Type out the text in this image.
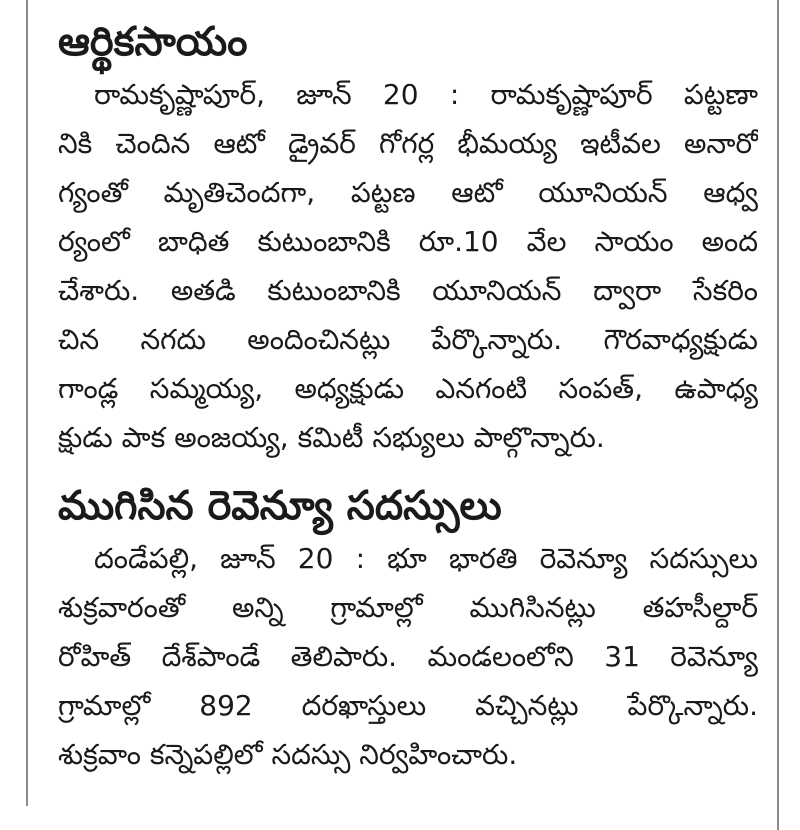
ఆర్థికసాయం

రామకృష్ణాపూర్, జూన్ 20 : రామకృష్ణాపూర్ పట్టణా
నికి చెందిన ఆటో డ్రైవర్ గోగర్ల భీమయ్య ఇటీవల అనారో
గ్యంతో మృతిచెందగా, పట్టణ ఆటో యూనియన్ ఆధ్వ
ర్యంలో బాధిత కుటుంబానికి రూ.10 వేల సాయం అంద
చేశారు. అతడి కుటుంబానికి యూనియన్ ద్వారా సేకరిం
చిన నగదు అందించినట్లు పేర్కొన్నారు. గౌరవాధ్యక్షుడు
గాండ్ల సమ్మయ్య, అధ్యక్షుడు ఎనగంటి సంపత్, ఉపాధ్య
క్షుడు పాక అంజయ్య, కమిటీ సభ్యులు పాల్గొన్నారు.

ముగిసిన రెవెన్యూ సదస్సులు

దండేపల్లి, జూన్ 20 : భూ భారతి రెవెన్యూ సదస్సులు
శుక్రవారంతో అన్ని గ్రామాల్లో ముగిసినట్లు తహసీల్దార్
రోహిత్ దేశ్‌పాండే తెలిపారు. మండలంలోని 31 రెవెన్యూ
గ్రామాల్లో 892 దరఖాస్తులు వచ్చినట్లు పేర్కొన్నారు.
శుక్రవాం కన్నెపల్లిలో సదస్సు నిర్వహించారు.
